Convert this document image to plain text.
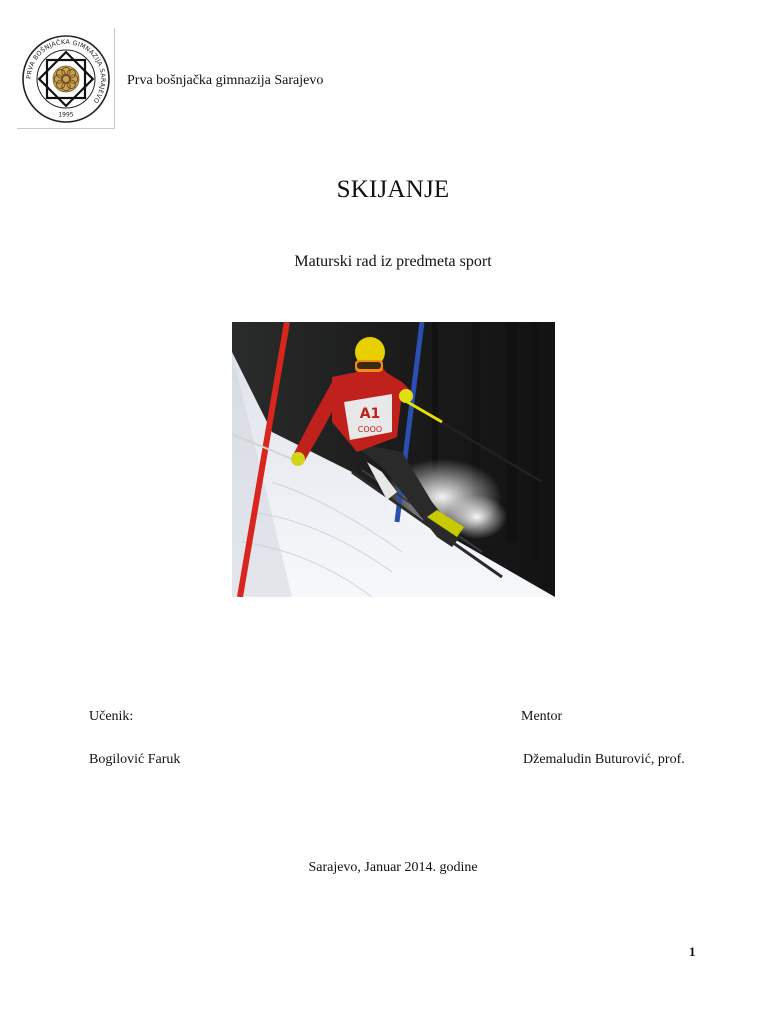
PRVA BOŠNJAČKA GIMNAZIJA SARAJEVO
1995
Prva bošnjačka gimnazija Sarajevo
SKIJANJE
Maturski rad iz predmeta sport
A1
COOO
Učenik:	Mentor
Bogilović Faruk	Džemaludin Buturović, prof.
Sarajevo, Januar 2014. godine
1
